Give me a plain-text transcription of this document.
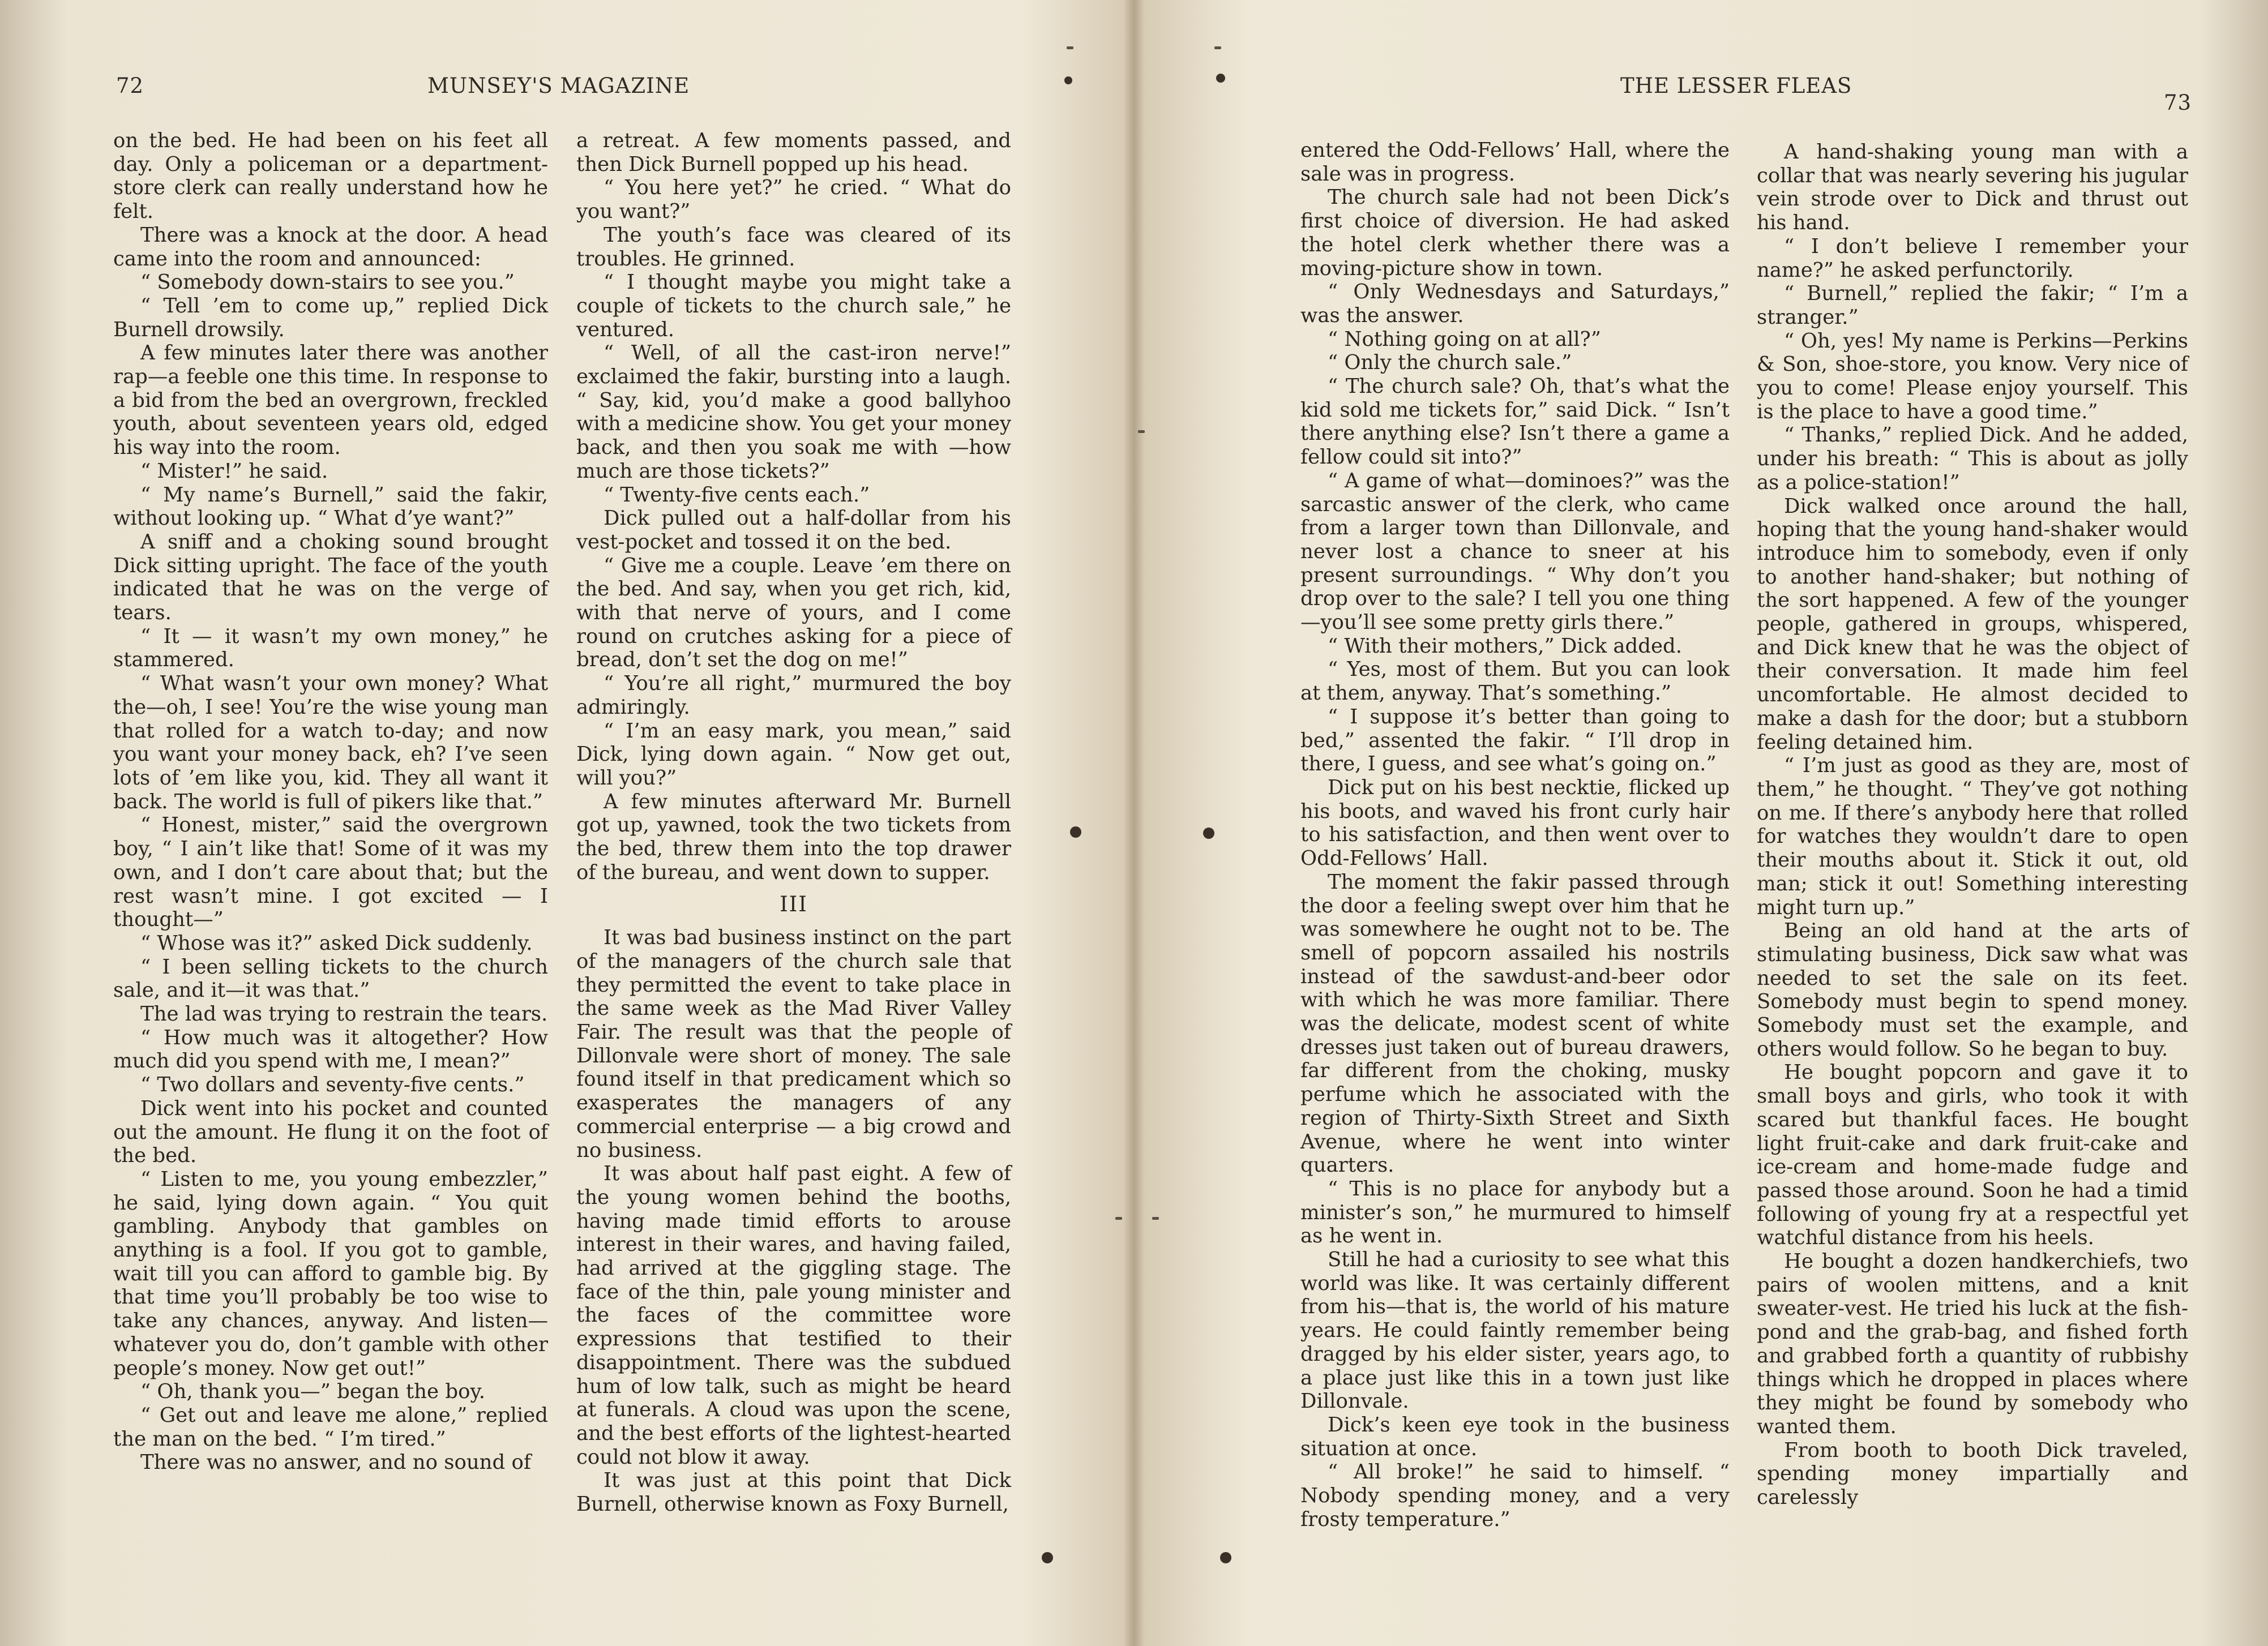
72	MUNSEY'S MAGAZINE

on the bed. He had been on his feet all day. Only a policeman or a department-store clerk can really understand how he felt.

There was a knock at the door. A head came into the room and announced:

“ Somebody down-stairs to see you.”

“ Tell ’em to come up,” replied Dick Burnell drowsily.

A few minutes later there was another rap—a feeble one this time. In response to a bid from the bed an overgrown, freckled youth, about seventeen years old, edged his way into the room.

“ Mister!” he said.

“ My name’s Burnell,” said the fakir, without looking up. “ What d’ye want?”

A sniff and a choking sound brought Dick sitting upright. The face of the youth indicated that he was on the verge of tears.

“ It — it wasn’t my own money,” he stammered.

“ What wasn’t your own money? What the—oh, I see! You’re the wise young man that rolled for a watch to-day; and now you want your money back, eh? I’ve seen lots of ’em like you, kid. They all want it back. The world is full of pikers like that.”

“ Honest, mister,” said the overgrown boy, “ I ain’t like that! Some of it was my own, and I don’t care about that; but the rest wasn’t mine. I got excited — I thought—”

“ Whose was it?” asked Dick suddenly.

“ I been selling tickets to the church sale, and it—it was that.”

The lad was trying to restrain the tears.

“ How much was it altogether? How much did you spend with me, I mean?”

“ Two dollars and seventy-five cents.”

Dick went into his pocket and counted out the amount. He flung it on the foot of the bed.

“ Listen to me, you young embezzler,” he said, lying down again. “ You quit gambling. Anybody that gambles on anything is a fool. If you got to gamble, wait till you can afford to gamble big. By that time you’ll probably be too wise to take any chances, anyway. And listen—whatever you do, don’t gamble with other people’s money. Now get out!”

“ Oh, thank you—” began the boy.

“ Get out and leave me alone,” replied the man on the bed. “ I’m tired.”

There was no answer, and no sound of

a retreat. A few moments passed, and then Dick Burnell popped up his head.

“ You here yet?” he cried. “ What do you want?”

The youth’s face was cleared of its troubles. He grinned.

“ I thought maybe you might take a couple of tickets to the church sale,” he ventured.

“ Well, of all the cast-iron nerve!” exclaimed the fakir, bursting into a laugh. “ Say, kid, you’d make a good ballyhoo with a medicine show. You get your money back, and then you soak me with —how much are those tickets?”

“ Twenty-five cents each.”

Dick pulled out a half-dollar from his vest-pocket and tossed it on the bed.

“ Give me a couple. Leave ’em there on the bed. And say, when you get rich, kid, with that nerve of yours, and I come round on crutches asking for a piece of bread, don’t set the dog on me!”

“ You’re all right,” murmured the boy admiringly.

“ I’m an easy mark, you mean,” said Dick, lying down again. “ Now get out, will you?”

A few minutes afterward Mr. Burnell got up, yawned, took the two tickets from the bed, threw them into the top drawer of the bureau, and went down to supper.

III

It was bad business instinct on the part of the managers of the church sale that they permitted the event to take place in the same week as the Mad River Valley Fair. The result was that the people of Dillonvale were short of money. The sale found itself in that predicament which so exasperates the managers of any commercial enterprise — a big crowd and no business.

It was about half past eight. A few of the young women behind the booths, having made timid efforts to arouse interest in their wares, and having failed, had arrived at the giggling stage. The face of the thin, pale young minister and the faces of the committee wore expressions that testified to their disappointment. There was the subdued hum of low talk, such as might be heard at funerals. A cloud was upon the scene, and the best efforts of the lightest-hearted could not blow it away.

It was just at this point that Dick Burnell, otherwise known as Foxy Burnell,

THE LESSER FLEAS
73

entered the Odd-Fellows’ Hall, where the sale was in progress.

The church sale had not been Dick’s first choice of diversion. He had asked the hotel clerk whether there was a moving-picture show in town.

“ Only Wednesdays and Saturdays,” was the answer.

“ Nothing going on at all?”

“ Only the church sale.”

“ The church sale? Oh, that’s what the kid sold me tickets for,” said Dick. “ Isn’t there anything else? Isn’t there a game a fellow could sit into?”

“ A game of what—dominoes?” was the sarcastic answer of the clerk, who came from a larger town than Dillonvale, and never lost a chance to sneer at his present surroundings. “ Why don’t you drop over to the sale? I tell you one thing—you’ll see some pretty girls there.”

“ With their mothers,” Dick added.

“ Yes, most of them. But you can look at them, anyway. That’s something.”

“ I suppose it’s better than going to bed,” assented the fakir. “ I’ll drop in there, I guess, and see what’s going on.”

Dick put on his best necktie, flicked up his boots, and waved his front curly hair to his satisfaction, and then went over to Odd-Fellows’ Hall.

The moment the fakir passed through the door a feeling swept over him that he was somewhere he ought not to be. The smell of popcorn assailed his nostrils instead of the sawdust-and-beer odor with which he was more familiar. There was the delicate, modest scent of white dresses just taken out of bureau drawers, far different from the choking, musky perfume which he associated with the region of Thirty-Sixth Street and Sixth Avenue, where he went into winter quarters.

“ This is no place for anybody but a minister’s son,” he murmured to himself as he went in.

Still he had a curiosity to see what this world was like. It was certainly different from his—that is, the world of his mature years. He could faintly remember being dragged by his elder sister, years ago, to a place just like this in a town just like Dillonvale.

Dick’s keen eye took in the business situation at once.

“ All broke!” he said to himself. “ Nobody spending money, and a very frosty temperature.”

A hand-shaking young man with a collar that was nearly severing his jugular vein strode over to Dick and thrust out his hand.

“ I don’t believe I remember your name?” he asked perfunctorily.

“ Burnell,” replied the fakir; “ I’m a stranger.”

“ Oh, yes! My name is Perkins—Perkins & Son, shoe-store, you know. Very nice of you to come! Please enjoy yourself. This is the place to have a good time.”

“ Thanks,” replied Dick. And he added, under his breath: “ This is about as jolly as a police-station!”

Dick walked once around the hall, hoping that the young hand-shaker would introduce him to somebody, even if only to another hand-shaker; but nothing of the sort happened. A few of the younger people, gathered in groups, whispered, and Dick knew that he was the object of their conversation. It made him feel uncomfortable. He almost decided to make a dash for the door; but a stubborn feeling detained him.

“ I’m just as good as they are, most of them,” he thought. “ They’ve got nothing on me. If there’s anybody here that rolled for watches they wouldn’t dare to open their mouths about it. Stick it out, old man; stick it out! Something interesting might turn up.”

Being an old hand at the arts of stimulating business, Dick saw what was needed to set the sale on its feet. Somebody must begin to spend money. Somebody must set the example, and others would follow. So he began to buy.

He bought popcorn and gave it to small boys and girls, who took it with scared but thankful faces. He bought light fruit-cake and dark fruit-cake and ice-cream and home-made fudge and passed those around. Soon he had a timid following of young fry at a respectful yet watchful distance from his heels.

He bought a dozen handkerchiefs, two pairs of woolen mittens, and a knit sweater-vest. He tried his luck at the fish-pond and the grab-bag, and fished forth and grabbed forth a quantity of rubbishy things which he dropped in places where they might be found by somebody who wanted them.

From booth to booth Dick traveled, spending money impartially and carelessly
